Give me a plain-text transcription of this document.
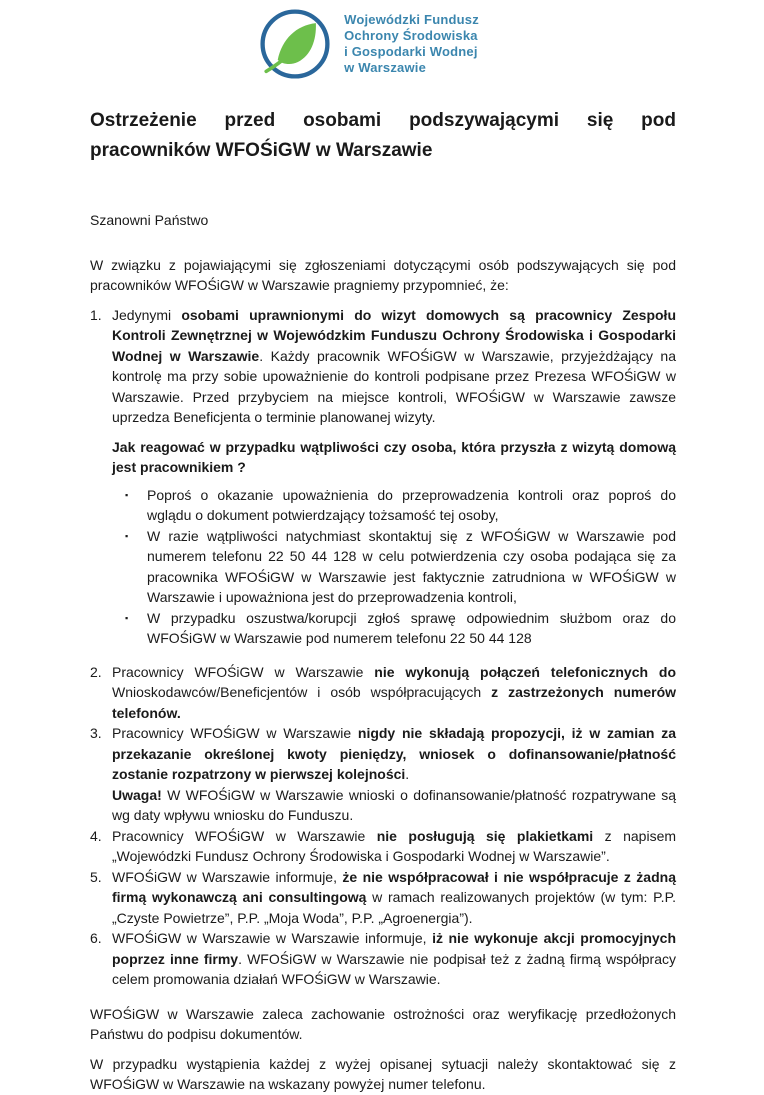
Wojewódzki Fundusz
Ochrony Środowiska
i Gospodarki Wodnej
w Warszawie
Ostrzeżenie przed osobami podszywającymi się pod pracowników WFOŚiGW w Warszawie

Szanowni Państwo

W związku z pojawiającymi się zgłoszeniami dotyczącymi osób podszywających się pod pracowników WFOŚiGW w Warszawie pragniemy przypomnieć, że:

1. Jedynymi osobami uprawnionymi do wizyt domowych są pracownicy Zespołu Kontroli Zewnętrznej w Wojewódzkim Funduszu Ochrony Środowiska i Gospodarki Wodnej w Warszawie. Każdy pracownik WFOŚiGW w Warszawie, przyjeżdżający na kontrolę ma przy sobie upoważnienie do kontroli podpisane przez Prezesa WFOŚiGW w Warszawie. Przed przybyciem na miejsce kontroli, WFOŚiGW w Warszawie zawsze uprzedza Beneficjenta o terminie planowanej wizyty.

Jak reagować w przypadku wątpliwości czy osoba, która przyszła z wizytą domową jest pracownikiem ?

▪	Poproś o okazanie upoważnienia do przeprowadzenia kontroli oraz poproś do wglądu o dokument potwierdzający tożsamość tej osoby,

▪	W razie wątpliwości natychmiast skontaktuj się z WFOŚiGW w Warszawie pod numerem telefonu 22 50 44 128 w celu potwierdzenia czy osoba podająca się za pracownika WFOŚiGW w Warszawie jest faktycznie zatrudniona w WFOŚiGW w Warszawie i upoważniona jest do przeprowadzenia kontroli,

▪	W przypadku oszustwa/korupcji zgłoś sprawę odpowiednim służbom oraz do WFOŚiGW w Warszawie pod numerem telefonu 22 50 44 128

2. Pracownicy WFOŚiGW w Warszawie nie wykonują połączeń telefonicznych do Wnioskodawców/Beneficjentów i osób współpracujących z zastrzeżonych numerów telefonów.

3. Pracownicy WFOŚiGW w Warszawie nigdy nie składają propozycji, iż w zamian za przekazanie określonej kwoty pieniędzy, wniosek o dofinansowanie/płatność zostanie rozpatrzony w pierwszej kolejności.

Uwaga! W WFOŚiGW w Warszawie wnioski o dofinansowanie/płatność rozpatrywane są wg daty wpływu wniosku do Funduszu.

4. Pracownicy WFOŚiGW w Warszawie nie posługują się plakietkami z napisem „Wojewódzki Fundusz Ochrony Środowiska i Gospodarki Wodnej w Warszawie”.

5. WFOŚiGW w Warszawie informuje, że nie współpracował i nie współpracuje z żadną firmą wykonawczą ani consultingową w ramach realizowanych projektów (w tym: P.P. „Czyste Powietrze”, P.P. „Moja Woda”, P.P. „Agroenergia”).

6. WFOŚiGW w Warszawie w Warszawie informuje, iż nie wykonuje akcji promocyjnych poprzez inne firmy. WFOŚiGW w Warszawie nie podpisał też z żadną firmą współpracy celem promowania działań WFOŚiGW w Warszawie.

WFOŚiGW w Warszawie zaleca zachowanie ostrożności oraz weryfikację przedłożonych Państwu do podpisu dokumentów.

W przypadku wystąpienia każdej z wyżej opisanej sytuacji należy skontaktować się z WFOŚiGW w Warszawie na wskazany powyżej numer telefonu.
